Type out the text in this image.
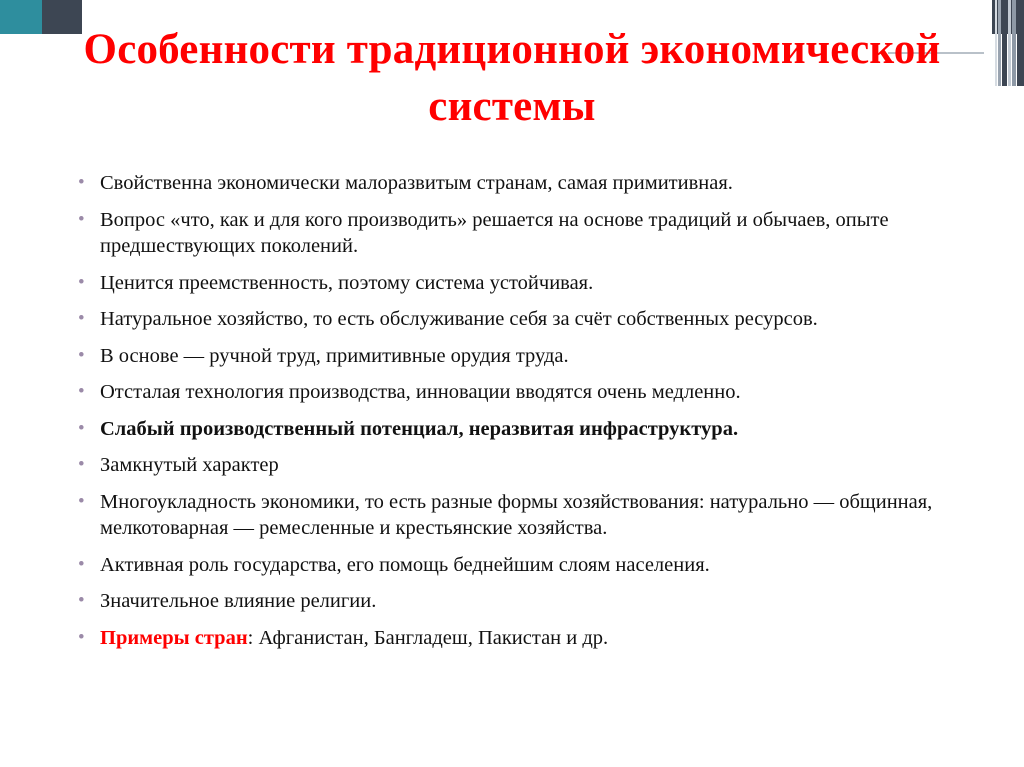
Особенности традиционной экономической системы
• Свойственна экономически малоразвитым странам, самая примитивная.
• Вопрос «что, как и для кого производить» решается на основе традиций и обычаев, опыте предшествующих поколений.
• Ценится преемственность, поэтому система устойчивая.
• Натуральное хозяйство, то есть обслуживание себя за счёт собственных ресурсов.
• В основе — ручной труд, примитивные орудия труда.
• Отсталая технология производства, инновации вводятся очень медленно.
• Слабый производственный потенциал, неразвитая инфраструктура.
• Замкнутый характер
• Многоукладность экономики, то есть разные формы хозяйствования: натурально — общинная, мелкотоварная — ремесленные и крестьянские хозяйства.
• Активная роль государства, его помощь беднейшим слоям населения.
• Значительное влияние религии.
• Примеры стран: Афганистан, Бангладеш, Пакистан и др.
